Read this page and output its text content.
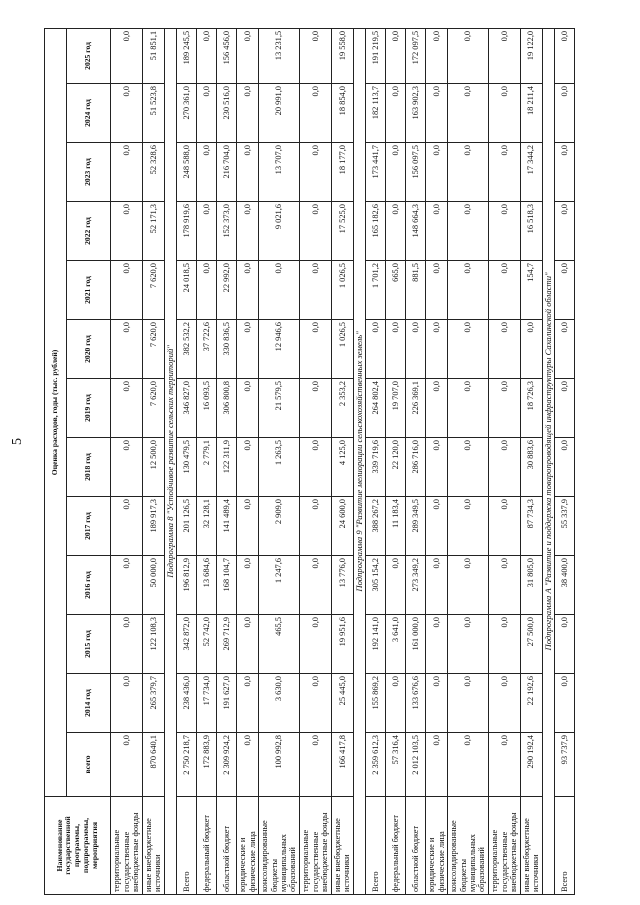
5
Наименование государственной программы, подпрограммы, мероприятия	Оценка расходов, годы (тыс. рублей)												
	всего	2014 год	2015 год	2016 год	2017 год	2018 год	2019 год	2020 год	2021 год	2022 год	2023 год	2024 год	2025 год
территориальные государственные внебюджетные фонды	0,0	0,0	0,0	0,0	0,0	0,0	0,0	0,0	0,0	0,0	0,0	0,0	0,0
иные внебюджетные источники	870 640,1	265 379,7	122 108,3	50 000,0	189 917,3	12 500,0	7 620,0	7 620,0	7 620,0	52 171,3	52 328,6	51 523,8	51 851,1
Подпрограмма 8 "Устойчивое развитие сельских территорий"													
Всего	2 750 218,7	238 436,0	342 872,0	196 812,9	201 126,5	130 479,5	346 827,0	382 532,2	24 018,5	178 919,6	248 588,0	270 361,0	189 245,5
федеральный бюджет	172 883,9	17 734,0	52 742,0	13 684,6	32 128,1	2 779,1	16 093,5	37 722,6	0,0	0,0	0,0	0,0	0,0
областной бюджет	2 309 924,2	191 627,0	269 712,9	168 104,7	141 489,4	122 311,9	306 800,8	330 836,5	22 992,0	152 373,0	216 704,0	230 516,0	156 456,0
юридические и физические лица	0,0	0,0	0,0	0,0	0,0	0,0	0,0	0,0	0,0	0,0	0,0	0,0	0,0
консолидированные бюджеты муниципальных образований	100 992,8	3 630,0	465,5	1 247,6	2 909,0	1 263,5	21 579,5	12 946,6	0,0	9 021,6	13 707,0	20 991,0	13 231,5
территориальные государственные внебюджетные фонды	0,0	0,0	0,0	0,0	0,0	0,0	0,0	0,0	0,0	0,0	0,0	0,0	0,0
иные внебюджетные источники	166 417,8	25 445,0	19 951,6	13 776,0	24 600,0	4 125,0	2 353,2	1 026,5	1 026,5	17 525,0	18 177,0	18 854,0	19 558,0
Подпрограмма 9 "Развитие мелиорации сельскохозяйственных земель"													
Всего	2 359 612,3	155 869,2	192 141,0	305 154,2	388 267,2	339 719,6	264 802,4	0,0	1 701,2	165 182,6	173 441,7	182 113,7	191 219,5
федеральный бюджет	57 316,4	0,0	3 641,0	0,0	11 183,4	22 120,0	19 707,0	0,0	665,0	0,0	0,0	0,0	0,0
областной бюджет	2 012 103,5	133 676,6	161 000,0	273 349,2	289 349,5	286 716,0	226 369,1	0,0	881,5	148 664,3	156 097,5	163 902,3	172 097,5
юридические и физические лица	0,0	0,0	0,0	0,0	0,0	0,0	0,0	0,0	0,0	0,0	0,0	0,0	0,0
консолидированные бюджеты муниципальных образований	0,0	0,0	0,0	0,0	0,0	0,0	0,0	0,0	0,0	0,0	0,0	0,0	0,0
территориальные государственные внебюджетные фонды	0,0	0,0	0,0	0,0	0,0	0,0	0,0	0,0	0,0	0,0	0,0	0,0	0,0
иные внебюджетные источники	290 192,4	22 192,6	27 500,0	31 805,0	87 734,3	30 883,6	18 726,3	0,0	154,7	16 518,3	17 344,2	18 211,4	19 122,0
Подпрограмма А "Развитие и поддержка товаропроводящей инфраструктуры Сахалинской области"													
Всего	93 737,9	0,0	0,0	38 400,0	55 337,9	0,0	0,0	0,0	0,0	0,0	0,0	0,0	0,0
